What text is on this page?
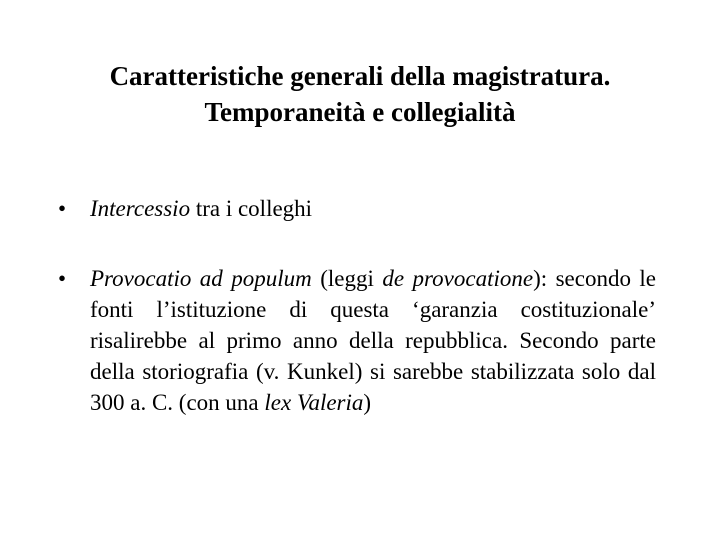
Caratteristiche generali della magistratura.
Temporaneità e collegialità
•	Intercessio tra i colleghi
•	Provocatio ad populum (leggi de provocatione): secondo le fonti l’istituzione di questa ‘garanzia costituzionale’ risalirebbe al primo anno della repubblica. Secondo parte della storiografia (v. Kunkel) si sarebbe stabilizzata solo dal 300 a. C. (con una lex Valeria)
